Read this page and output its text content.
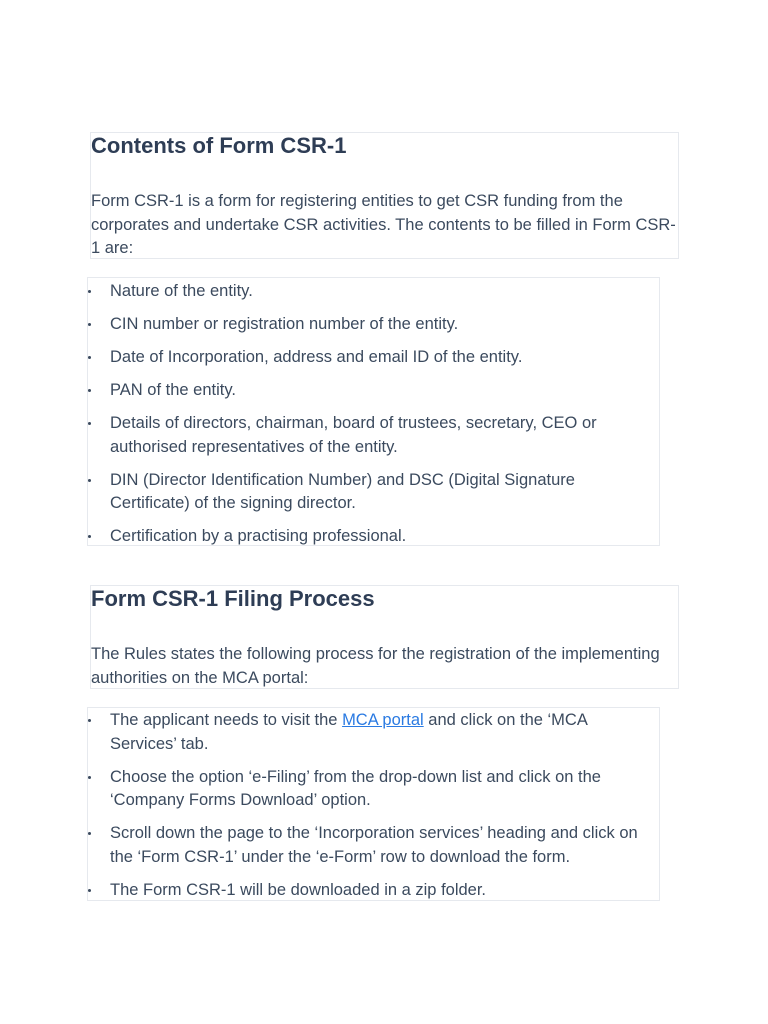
Contents of Form CSR-1

Form CSR-1 is a form for registering entities to get CSR funding from the corporates and undertake CSR activities. The contents to be filled in Form CSR-1 are:

Nature of the entity.
CIN number or registration number of the entity.
Date of Incorporation, address and email ID of the entity.
PAN of the entity.
Details of directors, chairman, board of trustees, secretary, CEO or authorised representatives of the entity.
DIN (Director Identification Number) and DSC (Digital Signature Certificate) of the signing director.
Certification by a practising professional.
Form CSR-1 Filing Process

The Rules states the following process for the registration of the implementing authorities on the MCA portal:

The applicant needs to visit the MCA portal and click on the ‘MCA Services’ tab.
Choose the option ‘e-Filing’ from the drop-down list and click on the ‘Company Forms Download’ option.
Scroll down the page to the ‘Incorporation services’ heading and click on the ‘Form CSR-1’ under the ‘e-Form’ row to download the form.
The Form CSR-1 will be downloaded in a zip folder.
